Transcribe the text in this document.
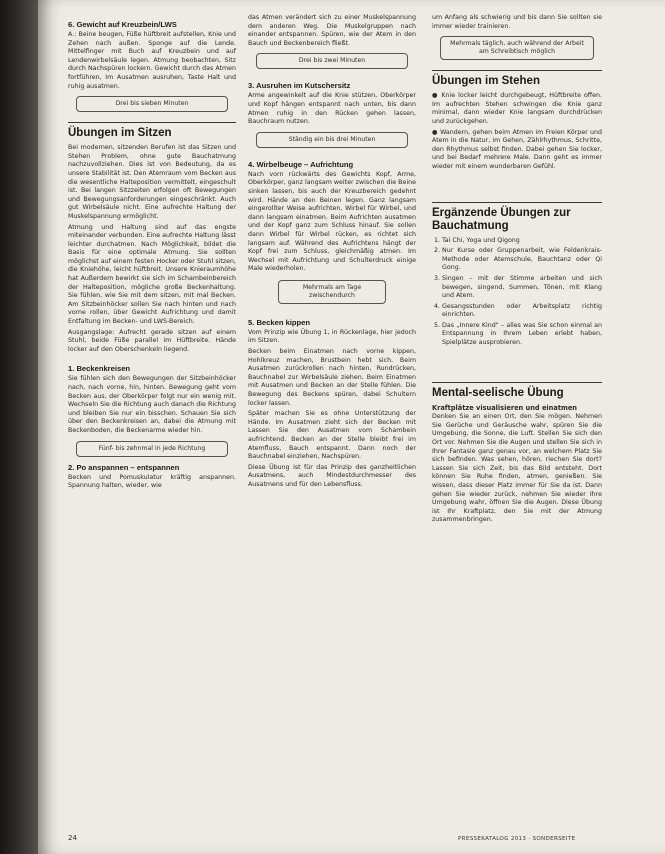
6. Gewicht auf Kreuzbein/LWS

A.: Beine beugen, Füße hüftbreit aufstellen, Knie und Zehen nach außen. Sponge auf die Lende. Mittelfinger mit Buch auf Kreuzbein und auf Lendenwirbelsäule legen. Atmung beobachten, Sitz durch Nachspüren lockern. Gewicht durch das Atmen fortführen, Im Ausatmen ausruhen, Taste Halt und ruhig ausatmen.

Drei bis sieben Minuten
Übungen im Sitzen

Bei modernen, sitzenden Berufen ist das Sitzen und Stehen Problem, ohne gute Bauchatmung nachzuvollziehen. Dies ist von Bedeutung, da es unsere Stabilität ist. Den Atemraum vom Becken aus die wesentliche Halteposition vermittelt, eingeschult ist. Bei langen Sitzzeiten erfolgen oft Bewegungen und Bewegungsanforderungen eingeschränkt. Auch gut Wirbelsäule nicht. Eine aufrechte Haltung der Muskelspannung ermöglicht.

Atmung und Haltung sind auf das engste miteinander verbunden. Eine aufrechte Haltung lässt leichter durchatmen. Nach Möglichkeit, bildet die Basis für eine optimale Atmung. Sie sollten möglichst auf einem festen Hocker oder Stuhl sitzen, die Kniehöhe, leicht hüftbreit. Unsere Knieraumhöhe hat Außerdem bewirkt sie sich im Schambeinbereich der Halteposition, mögliche große Beckenhaltung. Sie fühlen, wie Sie mit dem sitzen, mit mal Becken. Am Sitzbeinhöcker sollen Sie nach hinten und nach vorne rollen, über Gewicht Aufrichtung und damit Entfaltung im Becken- und LWS-Bereich.

Ausgangslage: Aufrecht gerade sitzen auf einem Stuhl, beide Füße parallel im Hüftbreite. Hände locker auf den Oberschenkeln liegend.

1. Beckenkreisen

Sie fühlen sich den Bewegungen der Sitzbeinhöcker nach, nach vorne, hin, hinten. Bewegung geht vom Becken aus, der Oberkörper folgt nur ein wenig mit. Wechseln Sie die Richtung auch danach die Richtung und bleiben Sie nur ein bisschen. Schauen Sie sich über den Beckenkreisen an, dabei die Atmung mit Beckenboden, die Beckenarme wieder hin.

Fünf- bis zehnmal in jede Richtung
2. Po anspannen – entspannen

Becken und Pomuskulatur kräftig anspannen. Spannung halten, wieder, wie

das Atmen verändert sich zu einer Muskelspannung dem anderen Weg. Die Muskelgruppen nach einander entspannen. Spüren, wie der Atem in den Bauch und Beckenbereich fließt.

Drei bis zwei Minuten
3. Ausruhen im Kutschersitz

Arme angewinkelt auf die Knie stützen, Oberkörper und Kopf hängen entspannt nach unten, bis dann Atmen ruhig in den Rücken gehen lassen, Bauchraum nutzen.

Ständig ein bis drei Minuten
4. Wirbelbeuge – Aufrichtung

Nach vorn rückwärts des Gewichts Kopf, Arme, Oberkörper, ganz langsam weiter zwischen die Beine sinken lassen, bis auch der Kreuzbereich gedehnt wird. Hände an den Beinen legen. Ganz langsam eingerollter Weise aufrichten, Wirbel für Wirbel, und dann langsam einatmen. Beim Aufrichten ausatmen und der Kopf ganz zum Schluss hinauf. Sie sollen dann Wirbel für Wirbel rücken, es richtet sich langsam auf. Während des Aufrichtens hängt der Kopf frei zum Schluss, gleichmäßig atmen. Im Wechsel mit Aufrichtung und Schulterdruck einige Male wiederholen.

Mehrmals am Tage zwischendurch
5. Becken kippen

Vom Prinzip wie Übung 1, in Rückenlage, hier jedoch im Sitzen.

Becken beim Einatmen nach vorne kippen, Hohlkreuz machen, Brustbein hebt sich. Beim Ausatmen zurückrollen nach hinten, Rundrücken, Bauchnabel zur Wirbelsäule ziehen. Beim Einatmen mit Ausatmen und Becken an der Stelle fühlen. Die Bewegung des Beckens spüren, dabei Schultern locker lassen.

Später machen Sie es ohne Unterstützung der Hände. Im Ausatmen zieht sich der Becken mit Lassen Sie den Ausatmen vom Schambein aufrichtend. Becken an der Stelle bleibt frei im Atemfluss, Bauch entspannt. Dann noch der Bauchnabel einziehen, Nachspüren.

Diese Übung ist für das Prinzip des ganzheitlichen Ausatmens, auch Mindestdurchmesser des Ausatmens und für den Lebensfluss.

um Anfang als schwierig und bis dann Sie sollten sie immer wieder trainieren.

Mehrmals täglich, auch während der Arbeit am Schreibtisch möglich
Übungen im Stehen

● Knie locker leicht durchgebeugt, Hüftbreite offen. Im aufrechten Stehen schwingen die Knie ganz minimal, dann wieder Knie langsam durchdrücken und zurückgehen.

● Wandern, gehen beim Atmen im Freien Körper und Atem in die Natur, im Gehen, Zählrhythmus, Schritte, den Rhythmus selbst finden. Dabei gehen Sie locker, und bei Bedarf mehrere Male. Dann geht es immer wieder mit einem wunderbaren Gefühl.

Ergänzende Übungen zur Bauchatmung
1. Tai Chi, Yoga und Qigong
2. Nur Kurse oder Gruppenarbeit, wie Feldenkrais-Methode oder Atemschule, Bauchtanz oder Qi Gong.
3. Singen – mit der Stimme arbeiten und sich bewegen, singend, Summen, Tönen, mit Klang und Atem.
4. Gesangsstunden oder Arbeitsplatz richtig einrichten.
5. Das „Innere Kind" – alles was Sie schon einmal an Entspannung in Ihrem Leben erlebt haben, Spielplätze ausprobieren.
Mental-seelische Übung
Kraftplätze visualisieren und einatmen

Denken Sie an einen Ort, den Sie mögen. Nehmen Sie Gerüche und Geräusche wahr, spüren Sie die Umgebung, die Sonne, die Luft. Stellen Sie sich den Ort vor. Nehmen Sie die Augen und stellen Sie sich in Ihrer Fantasie ganz genau vor, an welchem Platz Sie sich befinden. Was sehen, hören, riechen Sie dort? Lassen Sie sich Zeit, bis das Bild entsteht. Dort können Sie Ruhe finden, atmen, genießen. Sie wissen, dass dieser Platz immer für Sie da ist. Dann gehen Sie wieder zurück, nehmen Sie wieder Ihre Umgebung wahr, öffnen Sie die Augen. Diese Übung ist Ihr Kraftplatz, den Sie mit der Atmung zusammenbringen.

24	PRESSEKATALOG 2013 · SONDERSEITE
